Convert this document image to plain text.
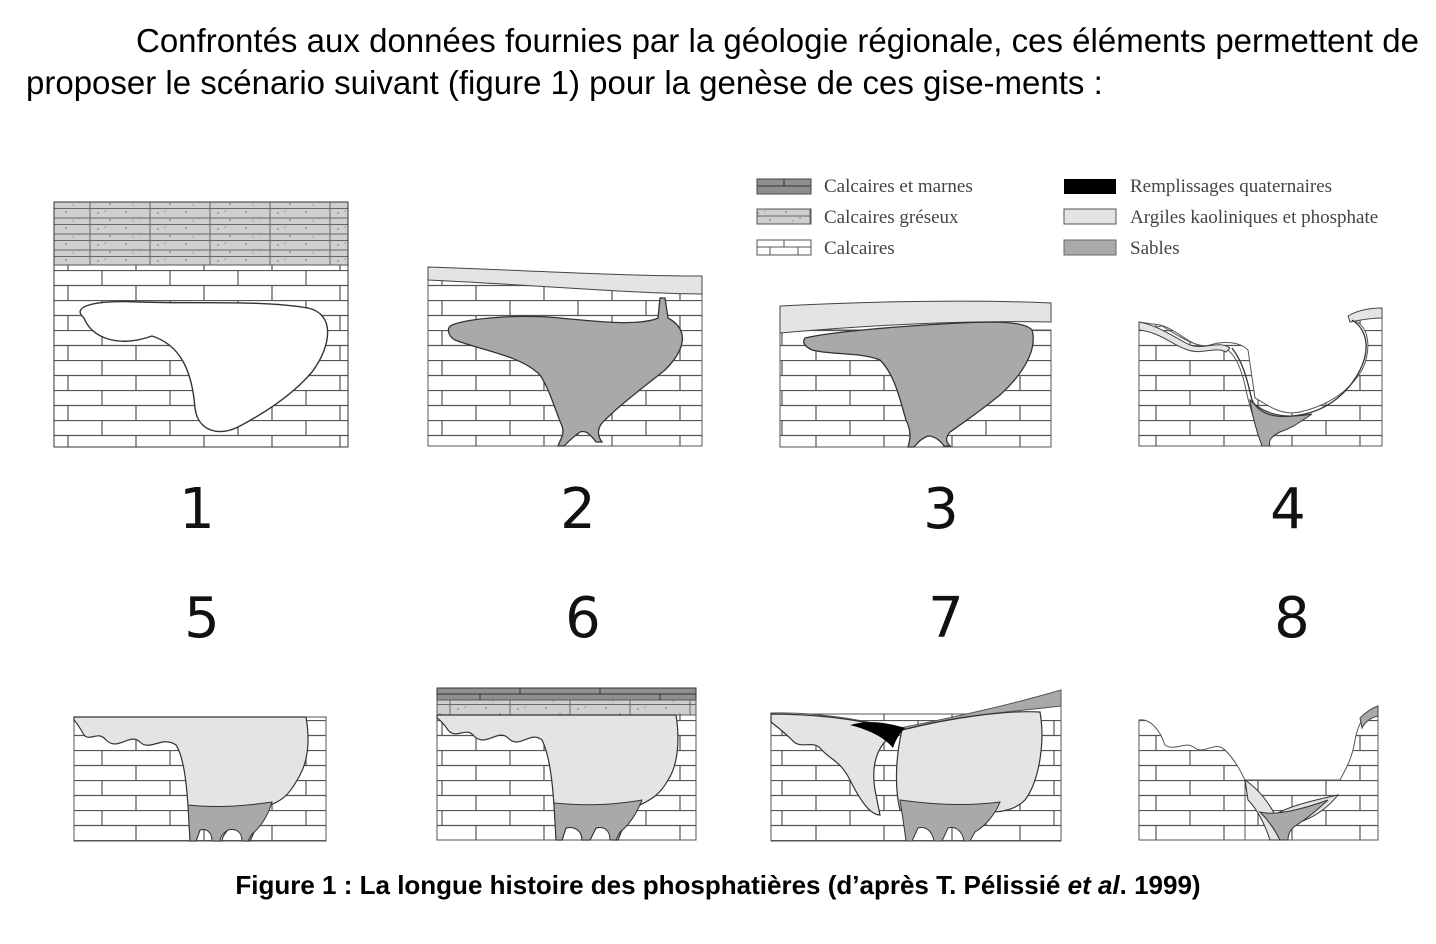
Confrontés aux données fournies par la géologie régionale, ces éléments permettent de proposer le scénario suivant (figure 1) pour la genèse de ces gise-ments :

Calcaires et marnes
Calcaires gréseux
Calcaires
Remplissages quaternaires
Argiles kaoliniques et phosphate
Sables
1	2	3	4
5	6	7	8
Figure 1 : La longue histoire des phosphatières (d’après T. Pélissié et al. 1999)
